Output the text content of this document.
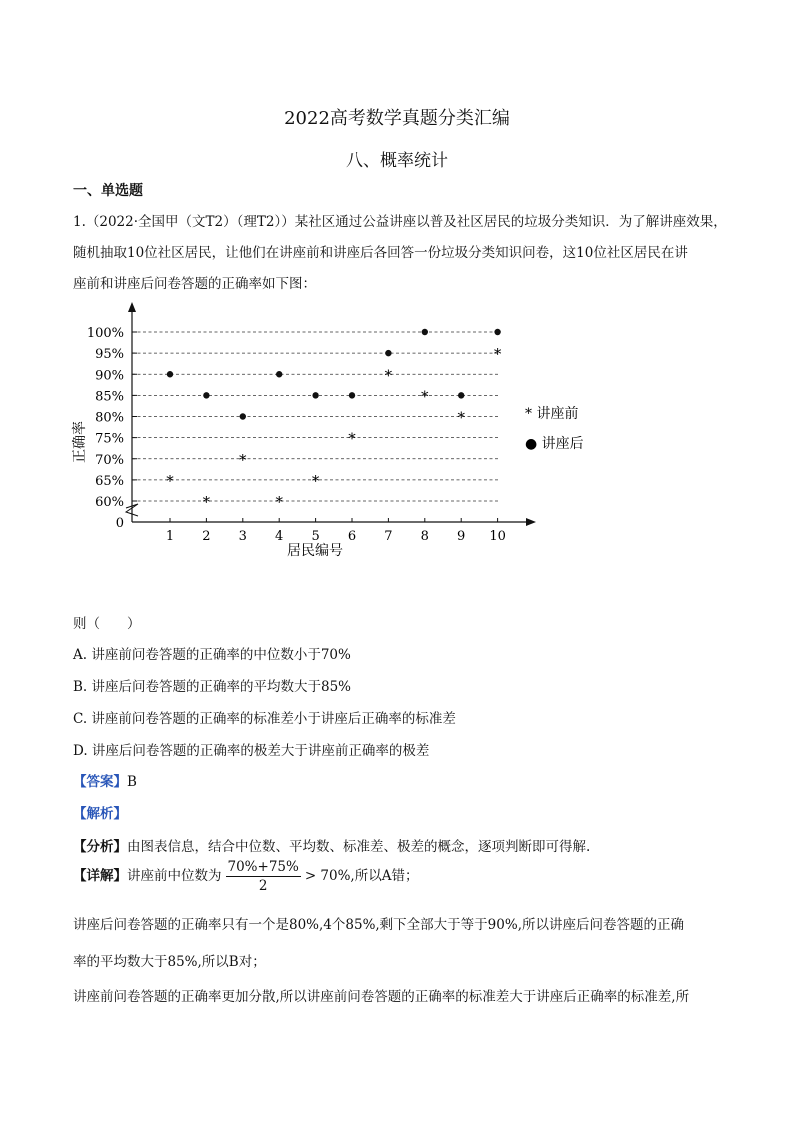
2022高考数学真题分类汇编
八、概率统计
一、单选题
1.（2022·全国甲（文T2）（理T2））某社区通过公益讲座以普及社区居民的垃圾分类知识．为了解讲座效果，
随机抽取10位社区居民，让他们在讲座前和讲座后各回答一份垃圾分类知识问卷，这10位社区居民在讲
座前和讲座后问卷答题的正确率如下图：
0
60%
65%
70%
75%
80%
85%
90%
95%
100%
1 2 3 4 5 6 7 8 9 10
*
*
*
*
*
*
*
*
*
*
居民编号
正确率
* 讲座前
● 讲座后
则（　　）
A. 讲座前问卷答题的正确率的中位数小于70%
B. 讲座后问卷答题的正确率的平均数大于85%
C. 讲座前问卷答题的正确率的标准差小于讲座后正确率的标准差
D. 讲座后问卷答题的正确率的极差大于讲座前正确率的极差
【答案】B
【解析】
【分析】由图表信息，结合中位数、平均数、标准差、极差的概念，逐项判断即可得解.
【详解】讲座前中位数为 $\frac{70\%+75\%}{2} > 70\%$,所以A错；
讲座后问卷答题的正确率只有一个是80%,4个85%,剩下全部大于等于90%,所以讲座后问卷答题的正确
率的平均数大于85%,所以B对；
讲座前问卷答题的正确率更加分散,所以讲座前问卷答题的正确率的标准差大于讲座后正确率的标准差,所
